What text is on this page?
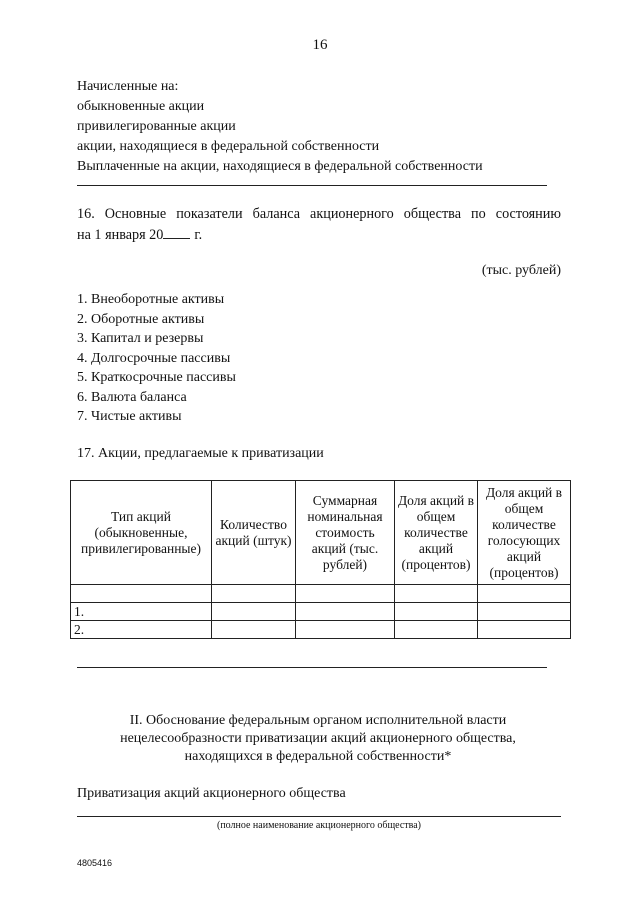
16
Начисленные на:
обыкновенные акции
привилегированные акции
акции, находящиеся в федеральной собственности
Выплаченные на акции, находящиеся в федеральной собственности
16. Основные показатели баланса акционерного общества по состоянию
на 1 января 20 г.
(тыс. рублей)
1. Внеоборотные активы
2. Оборотные активы
3. Капитал и резервы
4. Долгосрочные пассивы
5. Краткосрочные пассивы
6. Валюта баланса
7. Чистые активы
17. Акции, предлагаемые к приватизации
Тип акций (обыкновенные, привилегированные)	Количество акций (штук)	Суммарная номинальная стоимость акций (тыс. рублей)	Доля акций в общем количестве акций (процентов)	Доля акций в общем количестве голосующих акций (процентов)

1.				
2.				
II. Обоснование федеральным органом исполнительной власти нецелесообразности приватизации акций акционерного общества, находящихся в федеральной собственности*
Приватизация акций акционерного общества
(полное наименование акционерного общества)
4805416
